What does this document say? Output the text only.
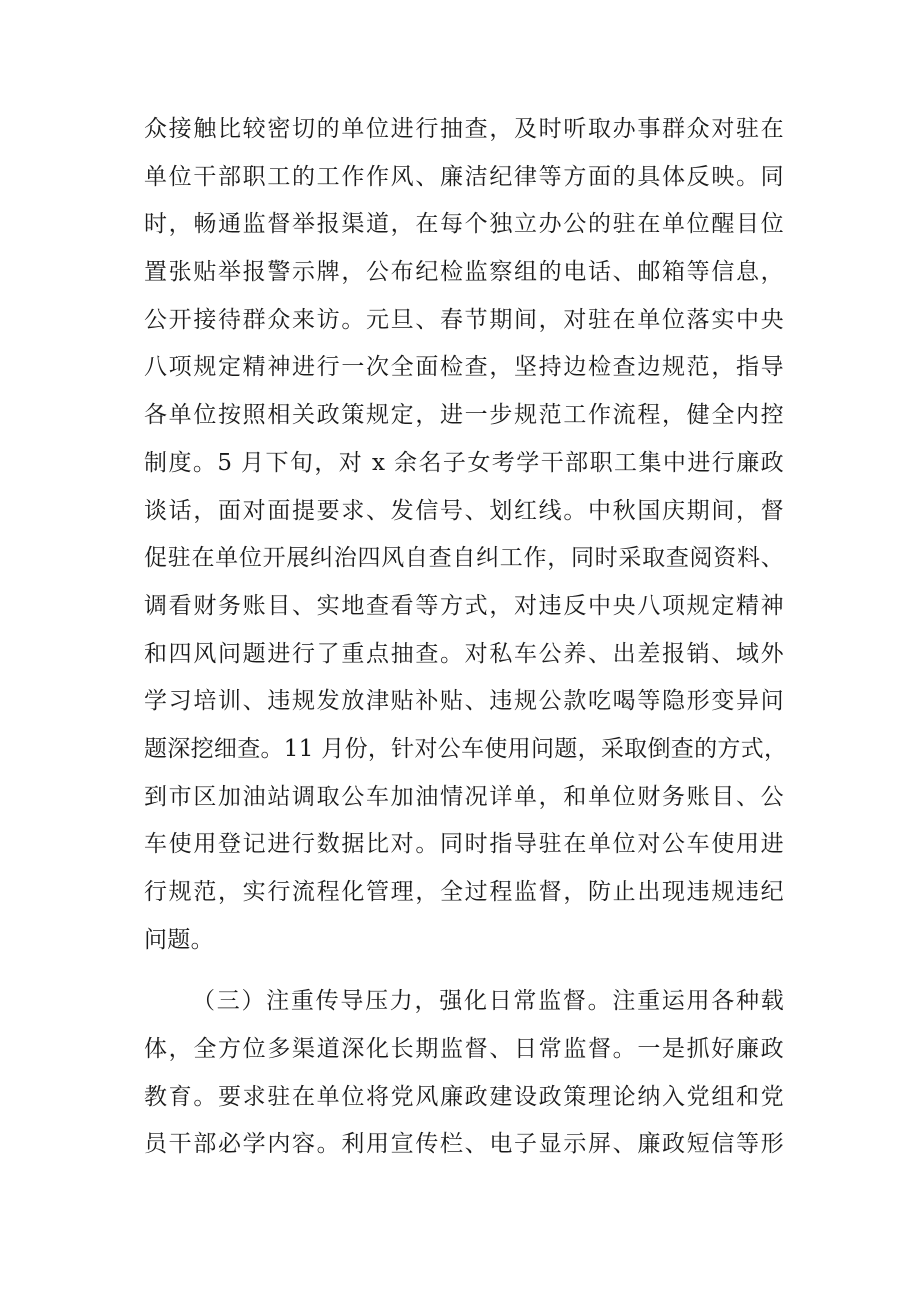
众接触比较密切的单位进行抽查，及时听取办事群众对驻在
单位干部职工的工作作风、廉洁纪律等方面的具体反映。同
时，畅通监督举报渠道，在每个独立办公的驻在单位醒目位
置张贴举报警示牌，公布纪检监察组的电话、邮箱等信息，
公开接待群众来访。元旦、春节期间，对驻在单位落实中央
八项规定精神进行一次全面检查，坚持边检查边规范，指导
各单位按照相关政策规定，进一步规范工作流程，健全内控
制度。5 月下旬，对 x 余名子女考学干部职工集中进行廉政
谈话，面对面提要求、发信号、划红线。中秋国庆期间，督
促驻在单位开展纠治四风自查自纠工作，同时采取查阅资料、
调看财务账目、实地查看等方式，对违反中央八项规定精神
和四风问题进行了重点抽查。对私车公养、出差报销、域外
学习培训、违规发放津贴补贴、违规公款吃喝等隐形变异问
题深挖细查。11 月份，针对公车使用问题，采取倒查的方式，
到市区加油站调取公车加油情况详单，和单位财务账目、公
车使用登记进行数据比对。同时指导驻在单位对公车使用进
行规范，实行流程化管理，全过程监督，防止出现违规违纪
问题。
（三）注重传导压力，强化日常监督。注重运用各种载
体，全方位多渠道深化长期监督、日常监督。一是抓好廉政
教育。要求驻在单位将党风廉政建设政策理论纳入党组和党
员干部必学内容。利用宣传栏、电子显示屏、廉政短信等形
